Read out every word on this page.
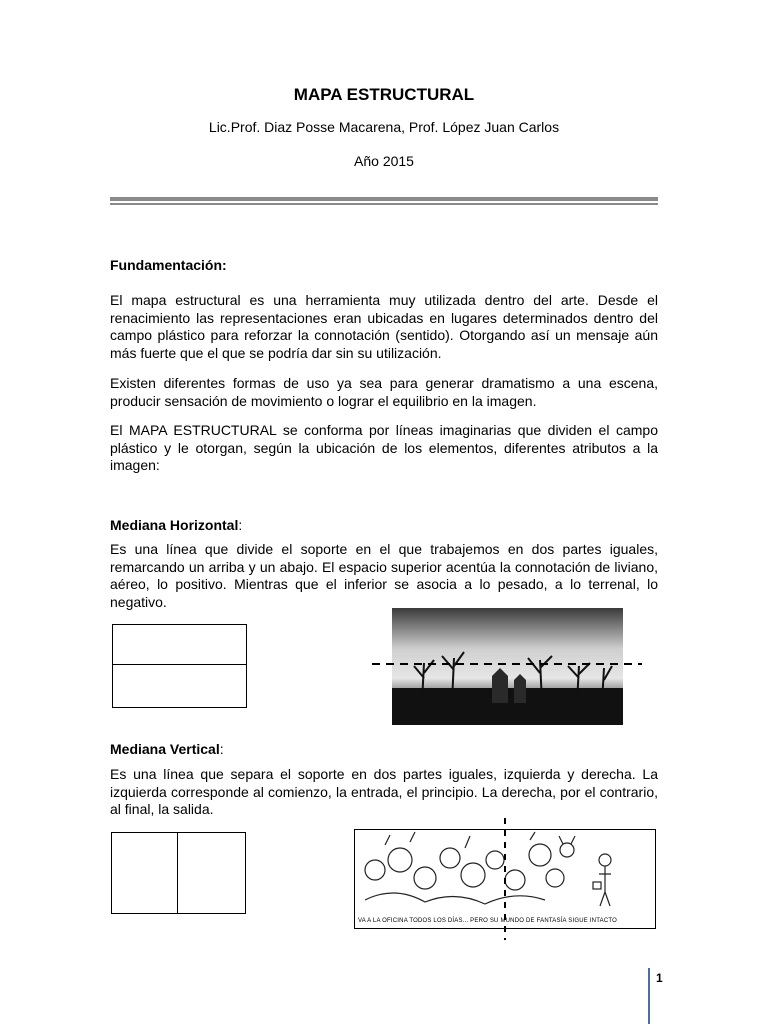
MAPA ESTRUCTURAL
Lic.Prof. Diaz Posse Macarena, Prof. López Juan Carlos
Año 2015
Fundamentación:
El mapa estructural es una herramienta muy utilizada dentro del arte. Desde el renacimiento las representaciones eran ubicadas en lugares determinados dentro del campo plástico para reforzar la connotación (sentido). Otorgando así un mensaje aún más fuerte que el que se podría dar sin su utilización.
Existen diferentes formas de uso ya sea para generar dramatismo a una escena, producir sensación de movimiento o lograr el equilibrio en la imagen.
El MAPA ESTRUCTURAL se conforma por líneas imaginarias que dividen el campo plástico y le otorgan, según la ubicación de los elementos, diferentes atributos a la imagen:
Mediana Horizontal:
Es una línea que divide el soporte en el que trabajemos en dos partes iguales, remarcando un arriba y un abajo. El espacio superior acentúa la connotación de liviano, aéreo, lo positivo. Mientras que el inferior se asocia a lo pesado, a lo terrenal, lo negativo.
Mediana Vertical:
Es una línea que separa el soporte en dos partes iguales, izquierda y derecha. La izquierda corresponde al comienzo, la entrada, el principio. La derecha, por el contrario, al final, la salida.
VA A LA OFICINA TODOS LOS DÍAS... PERO SU MUNDO DE FANTASÍA SIGUE INTACTO
1
